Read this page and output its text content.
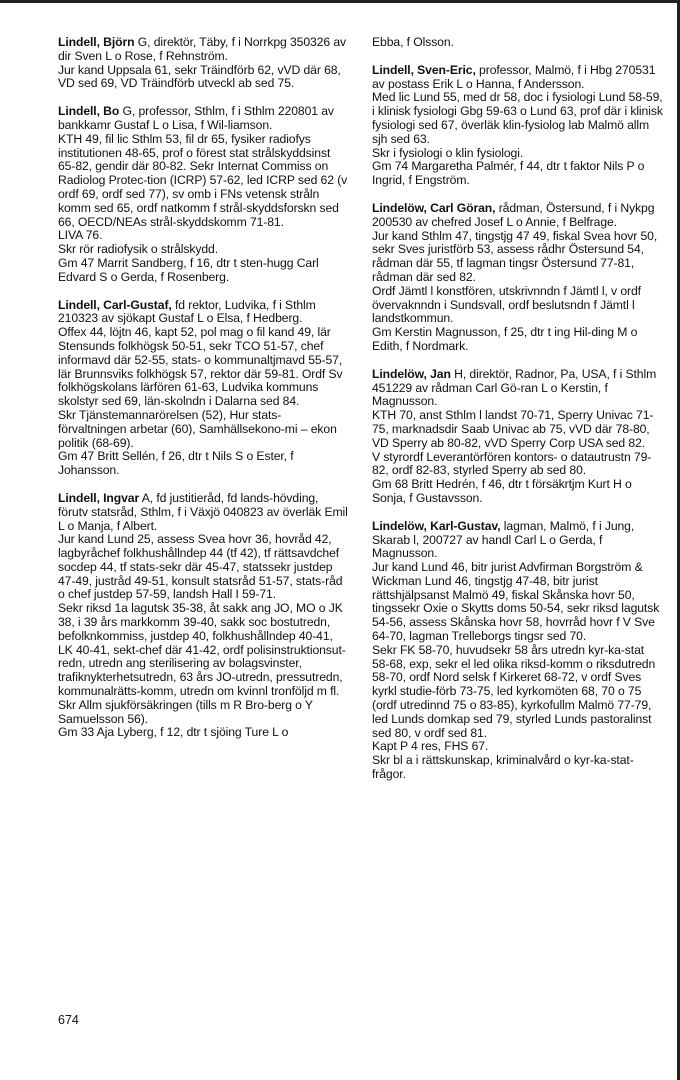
Lindell, Björn G, direktör, Täby, f i Norrkpg 350326 av dir Sven L o Rose, f Rehnström.

Jur kand Uppsala 61, sekr Träindförb 62, vVD där 68, VD sed 69, VD Träindförb utveckl ab sed 75.

Lindell, Bo G, professor, Sthlm, f i Sthlm 220801 av bankkamr Gustaf L o Lisa, f Wil-liamson.

KTH 49, fil lic Sthlm 53, fil dr 65, fysiker radiofys institutionen 48-65, prof o förest stat strålskyddsinst 65-82, gendir där 80-82. Sekr Internat Commiss on Radiolog Protec-tion (ICRP) 57-62, led ICRP sed 62 (v ordf 69, ordf sed 77), sv omb i FNs vetensk stråln komm sed 65, ordf natkomm f strål-skyddsforskn sed 66, OECD/NEAs strål-skyddskomm 71-81.

LIVA 76.

Skr rör radiofysik o strålskydd.

Gm 47 Marrit Sandberg, f 16, dtr t sten-hugg Carl Edvard S o Gerda, f Rosenberg.

Lindell, Carl-Gustaf, fd rektor, Ludvika, f i Sthlm 210323 av sjökapt Gustaf L o Elsa, f Hedberg.

Offex 44, löjtn 46, kapt 52, pol mag o fil kand 49, lär Stensunds folkhögsk 50-51, sekr TCO 51-57, chef informavd där 52-55, stats- o kommunaltjmavd 55-57, lär Brunnsviks folkhögsk 57, rektor där 59-81. Ordf Sv folkhögskolans lärfören 61-63, Ludvika kommuns skolstyr sed 69, län-skolndn i Dalarna sed 84.

Skr Tjänstemannarörelsen (52), Hur stats-förvaltningen arbetar (60), Samhällsekono-mi – ekon politik (68-69).

Gm 47 Britt Sellén, f 26, dtr t Nils S o Ester, f Johansson.

Lindell, Ingvar A, fd justitieråd, fd lands-hövding, förutv statsråd, Sthlm, f i Växjö 040823 av överläk Emil L o Manja, f Albert.

Jur kand Lund 25, assess Svea hovr 36, hovråd 42, lagbyråchef folkhushållndep 44 (tf 42), tf rättsavdchef socdep 44, tf stats-sekr där 45-47, statssekr justdep 47-49, justråd 49-51, konsult statsråd 51-57, stats-råd o chef justdep 57-59, landsh Hall I 59-71.

Sekr riksd 1a lagutsk 35-38, åt sakk ang JO, MO o JK 38, i 39 års markkomm 39-40, sakk soc bostutredn, befolknkommiss, justdep 40, folkhushållndep 40-41, LK 40-41, sekt-chef där 41-42, ordf polisinstruktionsut-redn, utredn ang sterilisering av bolagsvinster, trafiknykterhetsutredn, 63 års JO-utredn, pressutredn, kommunalrätts-komm, utredn om kvinnl tronföljd m fl.

Skr Allm sjukförsäkringen (tills m R Bro-berg o Y Samuelsson 56).

Gm 33 Aja Lyberg, f 12, dtr t sjöing Ture L o

Ebba, f Olsson.

Lindell, Sven-Eric, professor, Malmö, f i Hbg 270531 av postass Erik L o Hanna, f Andersson.

Med lic Lund 55, med dr 58, doc i fysiologi Lund 58-59, i klinisk fysiologi Gbg 59-63 o Lund 63, prof där i klinisk fysiologi sed 67, överläk klin-fysiolog lab Malmö allm sjh sed 63.

Skr i fysiologi o klin fysiologi.

Gm 74 Margaretha Palmér, f 44, dtr t faktor Nils P o Ingrid, f Engström.

Lindelöw, Carl Göran, rådman, Östersund, f i Nykpg 200530 av chefred Josef L o Annie, f Belfrage.

Jur kand Sthlm 47, tingstjg 47 49, fiskal Svea hovr 50, sekr Sves juristförb 53, assess rådhr Östersund 54, rådman där 55, tf lagman tingsr Östersund 77-81, rådman där sed 82.

Ordf Jämtl l konstfören, utskrivnndn f Jämtl l, v ordf övervaknndn i Sundsvall, ordf beslutsndn f Jämtl l landstkommun.

Gm Kerstin Magnusson, f 25, dtr t ing Hil-ding M o Edith, f Nordmark.

Lindelöw, Jan H, direktör, Radnor, Pa, USA, f i Sthlm 451229 av rådman Carl Gö-ran L o Kerstin, f Magnusson.

KTH 70, anst Sthlm l landst 70-71, Sperry Univac 71-75, marknadsdir Saab Univac ab 75, vVD där 78-80, VD Sperry ab 80-82, vVD Sperry Corp USA sed 82.

V styrordf Leverantörfören kontors- o datautrustn 79-82, ordf 82-83, styrled Sperry ab sed 80.

Gm 68 Britt Hedrén, f 46, dtr t försäkrtjm Kurt H o Sonja, f Gustavsson.

Lindelöw, Karl-Gustav, lagman, Malmö, f i Jung, Skarab l, 200727 av handl Carl L o Gerda, f Magnusson.

Jur kand Lund 46, bitr jurist Advfirman Borgström & Wickman Lund 46, tingstjg 47-48, bitr jurist rättshjälpsanst Malmö 49, fiskal Skånska hovr 50, tingssekr Oxie o Skytts doms 50-54, sekr riksd lagutsk 54-56, assess Skånska hovr 58, hovrråd hovr f V Sve 64-70, lagman Trelleborgs tingsr sed 70.

Sekr FK 58-70, huvudsekr 58 års utredn kyr-ka-stat 58-68, exp, sekr el led olika riksd-komm o riksdutredn 58-70, ordf Nord selsk f Kirkeret 68-72, v ordf Sves kyrkl studie-förb 73-75, led kyrkomöten 68, 70 o 75 (ordf utredinnd 75 o 83-85), kyrkofullm Malmö 77-79, led Lunds domkap sed 79, styrled Lunds pastoralinst sed 80, v ordf sed 81.

Kapt P 4 res, FHS 67.

Skr bl a i rättskunskap, kriminalvård o kyr-ka-stat-frågor.

674
